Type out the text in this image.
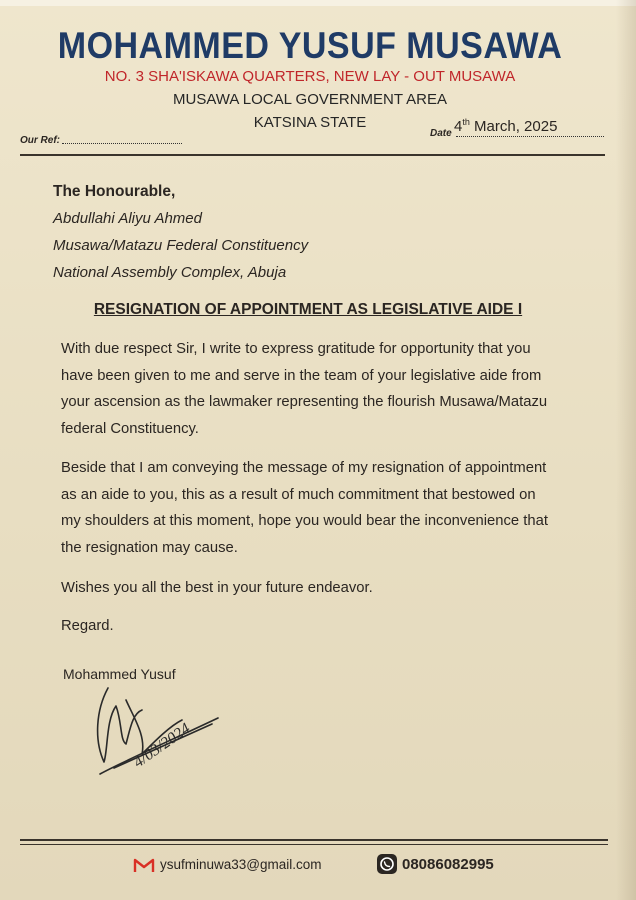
MOHAMMED YUSUF MUSAWA
NO. 3 SHA'ISKAWA QUARTERS, NEW LAY - OUT MUSAWA
MUSAWA LOCAL GOVERNMENT AREA
KATSINA STATE
Our Ref:
Date 4th March, 2025
The Honourable,
Abdullahi Aliyu Ahmed
Musawa/Matazu Federal Constituency
National Assembly Complex, Abuja
RESIGNATION OF APPOINTMENT AS LEGISLATIVE AIDE I
With due respect Sir, I write to express gratitude for opportunity that you
have been given to me and serve in the team of your legislative aide from
your ascension as the lawmaker representing the flourish Musawa/Matazu
federal Constituency.
Beside that I am conveying the message of my resignation of appointment
as an aide to you, this as a result of much commitment that bestowed on
my shoulders at this moment, hope you would bear the inconvenience that
the resignation may cause.
Wishes you all the best in your future endeavor.
Regard.
Mohammed Yusuf
4/03/2024
ysufminuwa33@gmail.com	08086082995
